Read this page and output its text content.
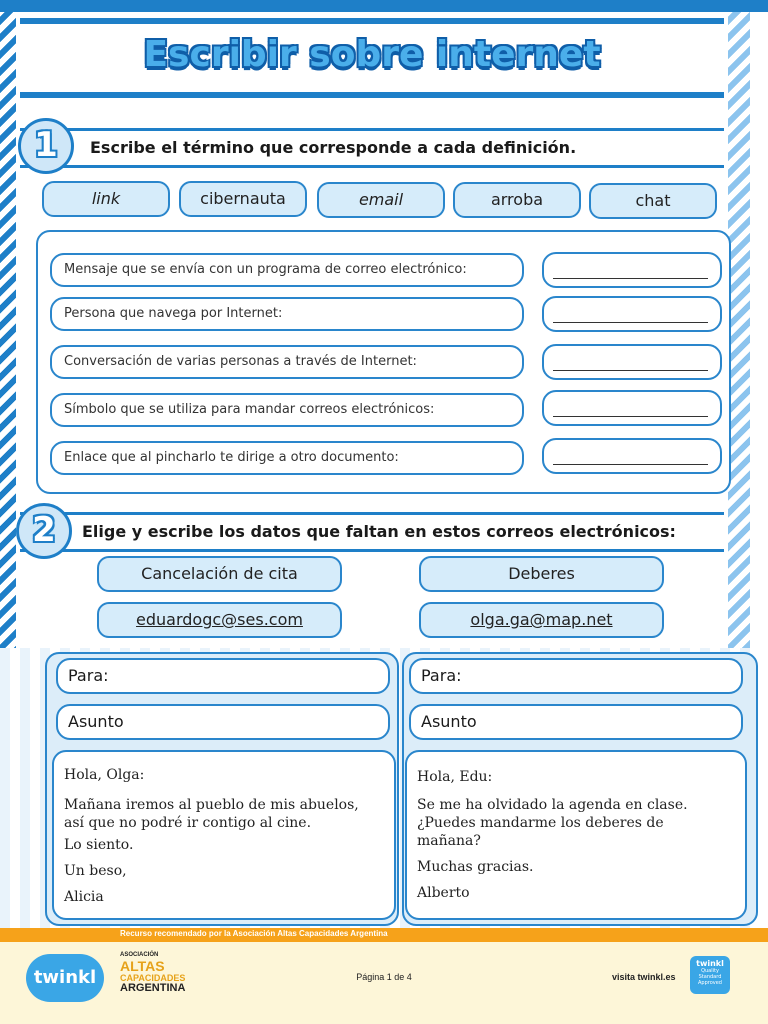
Escribir sobre internet
1	Escribe el término que corresponde a cada definición.
link	cibernauta	email	arroba	chat
Mensaje que se envía con un programa de correo electrónico:
Persona que navega por Internet:
Conversación de varias personas a través de Internet:
Símbolo que se utiliza para mandar correos electrónicos:
Enlace que al pincharlo te dirige a otro documento:
2	Elige y escribe los datos que faltan en estos correos electrónicos:
Cancelación de cita	Deberes
eduardogc@ses.com	olga.ga@map.net
Para:
Asunto

Hola, Olga:

Mañana iremos al pueblo de mis abuelos,

así que no podré ir contigo al cine.

Lo siento.

Un beso,

Alicia

Para:
Asunto

Hola, Edu:

Se me ha olvidado la agenda en clase.

¿Puedes mandarme los deberes de

mañana?

Muchas gracias.

Alberto

Recurso recomendado por la Asociación Altas Capacidades Argentina
twinkl
ASOCIACIÓN
ALTAS
CAPACIDADES
ARGENTINA
Página 1 de 4	visita twinkl.es
twinkl
Quality Standard Approved
